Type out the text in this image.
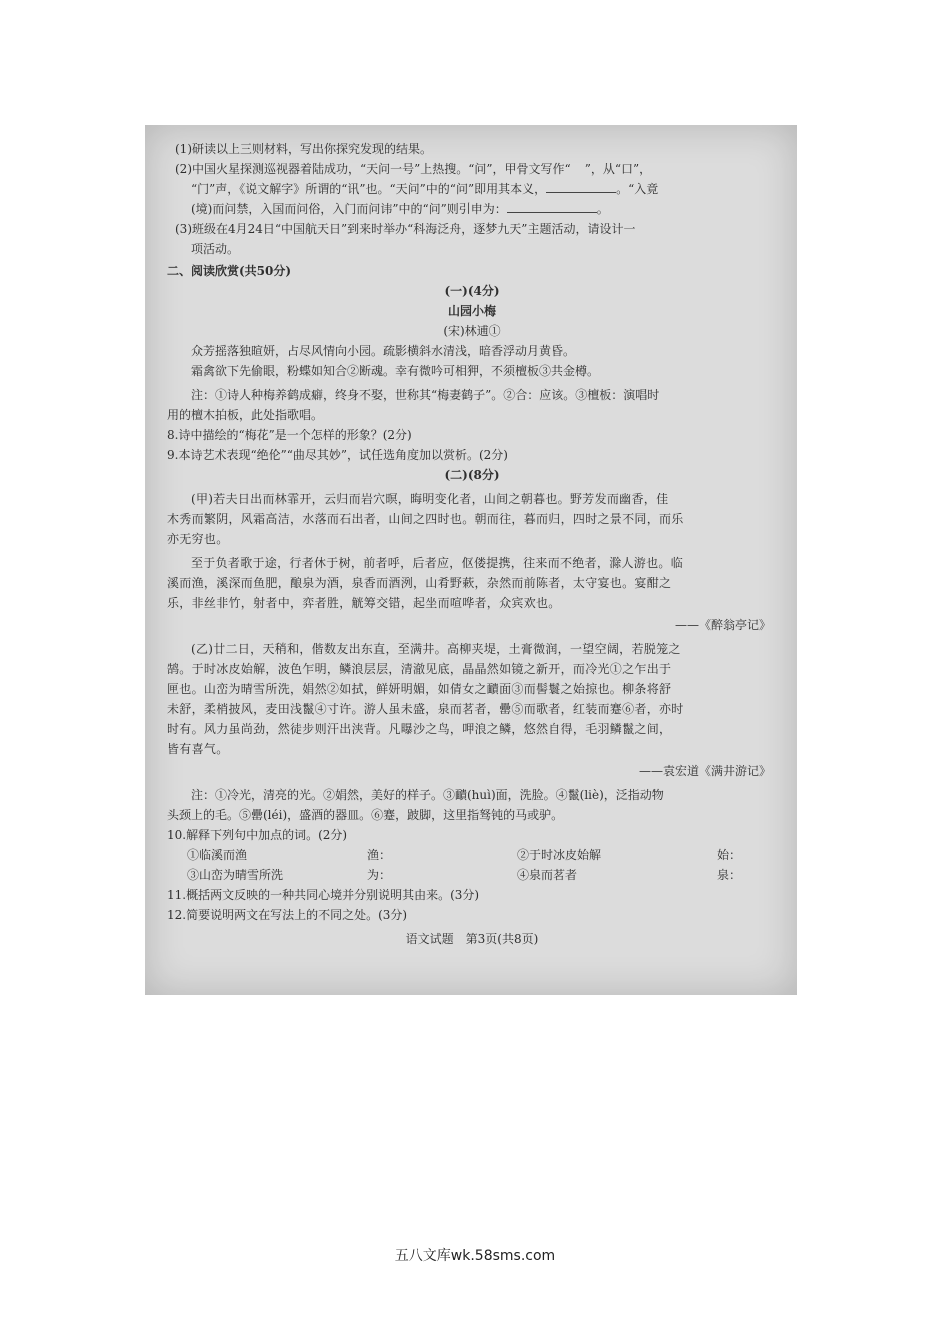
(1)研读以上三则材料，写出你探究发现的结果。
(2)中国火星探测巡视器着陆成功，“天问一号”上热搜。“问”，甲骨文写作“ ”，从“口”，
“门”声，《说文解字》所谓的“讯”也。“天问”中的“问”即用其本义，	。“入竟
(境)而问禁，入国而问俗，入门而问讳”中的“问”则引申为：	。
(3)班级在4月24日“中国航天日”到来时举办“科海泛舟，逐梦九天”主题活动，请设计一
项活动。
二、阅读欣赏(共50分)
(一)(4分)
山园小梅
(宋)林逋①
众芳摇落独暄妍，占尽风情向小园。疏影横斜水清浅，暗香浮动月黄昏。
霜禽欲下先偷眼，粉蝶如知合②断魂。幸有微吟可相狎，不须檀板③共金樽。
注：①诗人种梅养鹤成癖，终身不娶，世称其“梅妻鹤子”。②合：应该。③檀板：演唱时
用的檀木拍板，此处指歌唱。
8.诗中描绘的“梅花”是一个怎样的形象？(2分)
9.本诗艺术表现“绝伦”“曲尽其妙”，试任选角度加以赏析。(2分)
(二)(8分)
(甲)若夫日出而林霏开，云归而岩穴暝，晦明变化者，山间之朝暮也。野芳发而幽香，佳
木秀而繁阴，风霜高洁，水落而石出者，山间之四时也。朝而往，暮而归，四时之景不同，而乐
亦无穷也。
至于负者歌于途，行者休于树，前者呼，后者应，伛偻提携，往来而不绝者，滁人游也。临
溪而渔，溪深而鱼肥，酿泉为酒，泉香而酒洌，山肴野蔌，杂然而前陈者，太守宴也。宴酣之
乐，非丝非竹，射者中，弈者胜，觥筹交错，起坐而喧哗者，众宾欢也。
——《醉翁亭记》
(乙)廿二日，天稍和，偕数友出东直，至满井。高柳夹堤，土膏微润，一望空阔，若脱笼之
鹄。于时冰皮始解，波色乍明，鳞浪层层，清澈见底，晶晶然如镜之新开，而冷光①之乍出于
匣也。山峦为晴雪所洗，娟然②如拭，鲜妍明媚，如倩女之靧面③而髻鬟之始掠也。柳条将舒
未舒，柔梢披风，麦田浅鬣④寸许。游人虽未盛，泉而茗者，罍⑤而歌者，红装而蹇⑥者，亦时
时有。风力虽尚劲，然徒步则汗出浃背。凡曝沙之鸟，呷浪之鳞，悠然自得，毛羽鳞鬣之间，
皆有喜气。
——袁宏道《满井游记》
注：①冷光，清亮的光。②娟然，美好的样子。③靧(huì)面，洗脸。④鬣(liè)，泛指动物
头颈上的毛。⑤罍(léi)，盛酒的器皿。⑥蹇，跛脚，这里指驽钝的马或驴。
10.解释下列句中加点的词。(2分)
①临溪而渔	渔：	②于时冰皮始解	始：
③山峦为晴雪所洗	为：	④泉而茗者	泉：
11.概括两文反映的一种共同心境并分别说明其由来。(3分)
12.简要说明两文在写法上的不同之处。(3分)
语文试题　第3页(共8页)
五八文库wk.58sms.com
